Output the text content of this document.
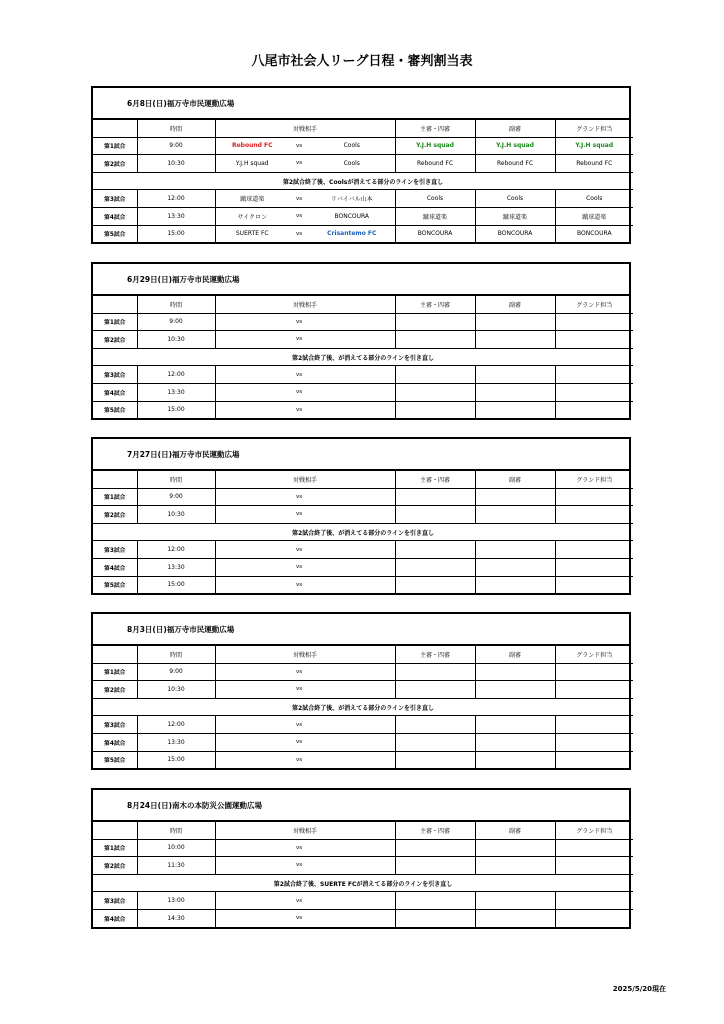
八尾市社会人リーグ日程・審判割当表
6月8日(日)福万寺市民運動広場
	時間	対戦相手			主審・四審	副審	グランド担当
第1試合	9:00	Rebound FC	vs	Cools	Y.J.H squad	Y.J.H squad	Y.J.H squad
第2試合	10:30	Y.J.H squad	vs	Cools	Rebound FC	Rebound FC	Rebound FC
第2試合終了後、Coolsが消えてる部分のラインを引き直し							
第3試合	12:00	蹴球道楽	vs	リバイバル山本	Cools	Cools	Cools
第4試合	13:30	サイクロン	vs	BONCOURA	蹴球道楽	蹴球道楽	蹴球道楽
第5試合	15:00	SUERTE FC	vs	Crisantemo FC	BONCOURA	BONCOURA	BONCOURA
6月29日(日)福万寺市民運動広場
	時間	対戦相手			主審・四審	副審	グランド担当
第1試合	9:00		vs				
第2試合	10:30		vs				
第2試合終了後、が消えてる部分のラインを引き直し							
第3試合	12:00		vs				
第4試合	13:30		vs				
第5試合	15:00		vs				
7月27日(日)福万寺市民運動広場
	時間	対戦相手			主審・四審	副審	グランド担当
第1試合	9:00		vs				
第2試合	10:30		vs				
第2試合終了後、が消えてる部分のラインを引き直し							
第3試合	12:00		vs				
第4試合	13:30		vs				
第5試合	15:00		vs				
8月3日(日)福万寺市民運動広場
	時間	対戦相手			主審・四審	副審	グランド担当
第1試合	9:00		vs				
第2試合	10:30		vs				
第2試合終了後、が消えてる部分のラインを引き直し							
第3試合	12:00		vs				
第4試合	13:30		vs				
第5試合	15:00		vs				
8月24日(日)南木の本防災公園運動広場
	時間	対戦相手			主審・四審	副審	グランド担当
第1試合	10:00		vs				
第2試合	11:30		vs				
第2試合終了後、SUERTE FCが消えてる部分のラインを引き直し							
第3試合	13:00		vs				
第4試合	14:30		vs				
2025/5/20現在
